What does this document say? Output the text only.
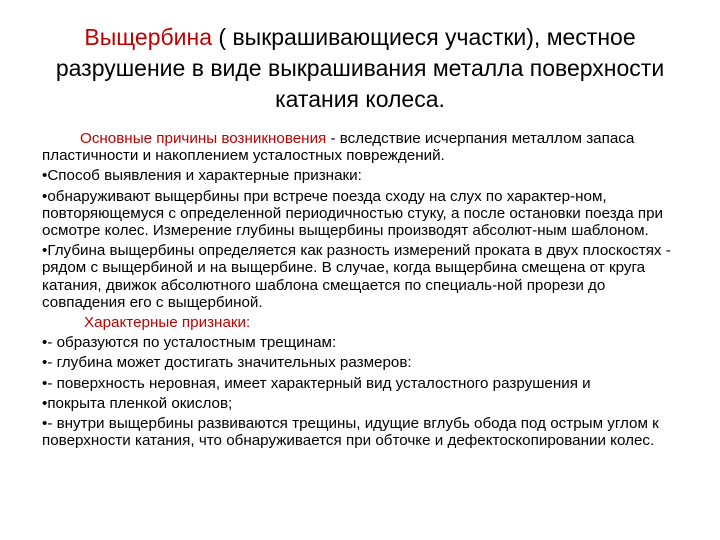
Выщербина ( выкрашивающиеся участки), местное разрушение в виде выкрашивания металла поверхности катания колеса.

Основные причины возникновения - вследствие исчерпания металлом запаса пластичности и накоплением усталостных повреждений.

•Способ выявления и характерные признаки:

•обнаруживают выщербины при встрече поезда сходу на слух по характер-ном, повторяющемуся с определенной периодичностью стуку, а после остановки поезда при осмотре колес. Измерение глубины выщербины производят абсолют-ным шаблоном.

•Глубина выщербины определяется как разность измерений проката в двух плоскостях - рядом с выщербиной и на выщербине. В случае, когда выщербина смещена от круга катания, движок абсолютного шаблона смещается по специаль-ной прорези до совпадения его с выщербиной.

Характерные признаки:

•- образуются по усталостным трещинам:

•- глубина может достигать значительных размеров:

•- поверхность неровная, имеет характерный вид усталостного разрушения и

•покрыта пленкой окислов;

•- внутри выщербины развиваются трещины, идущие вглубь обода под острым углом к поверхности катания, что обнаруживается при обточке и дефектоскопировании колес.
